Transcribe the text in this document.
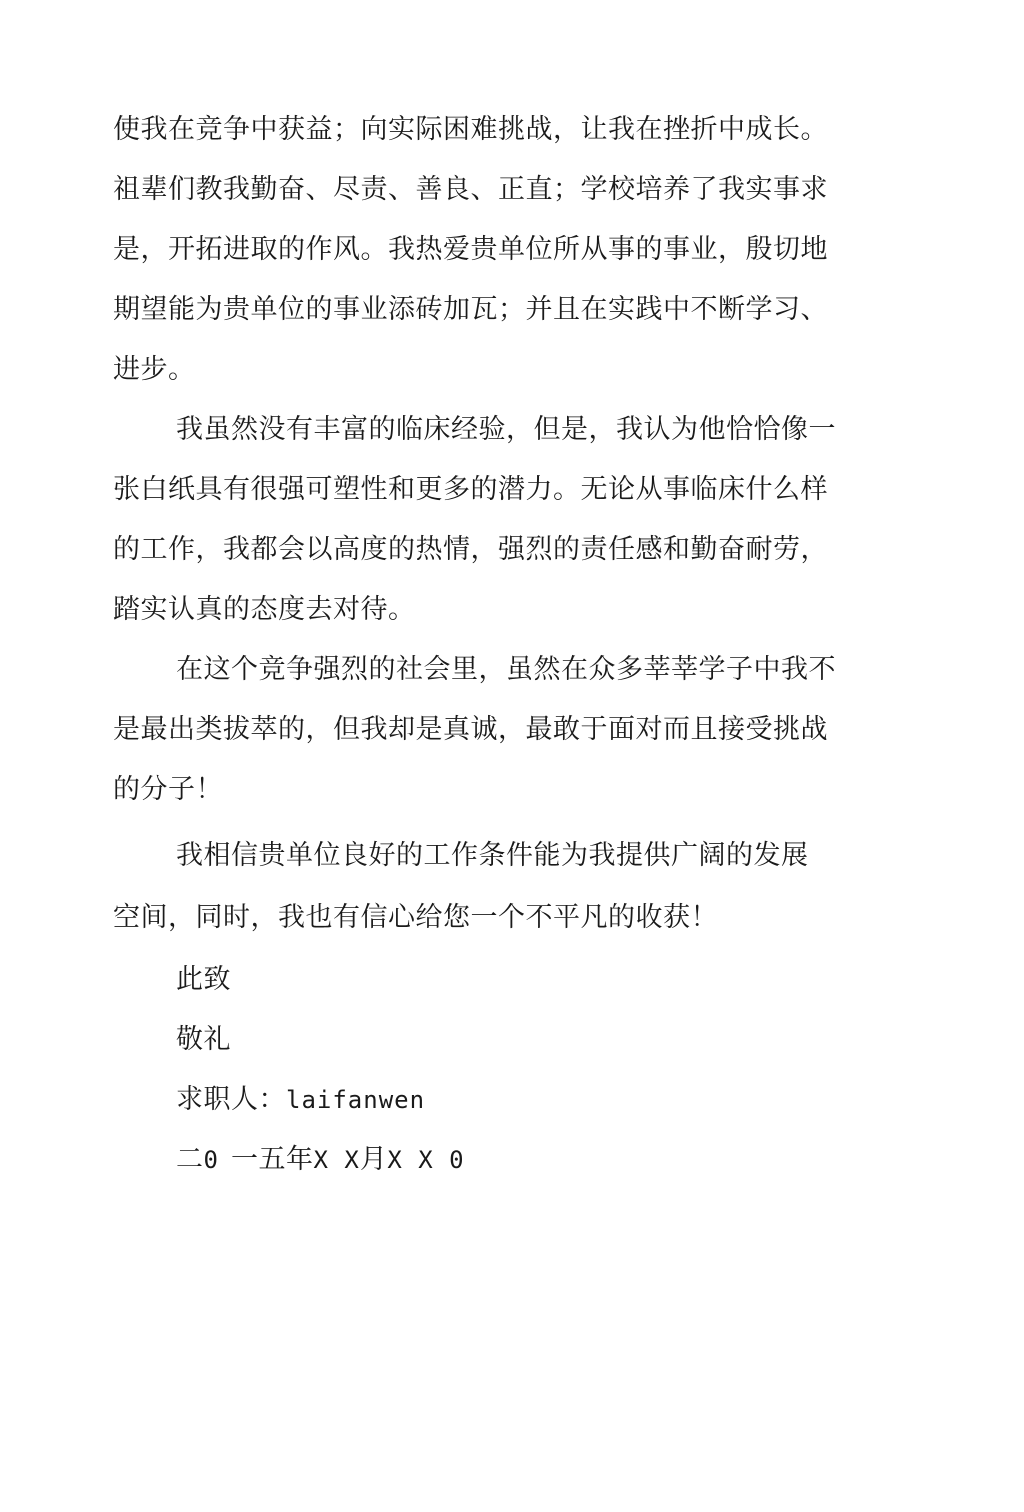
使我在竞争中获益；向实际困难挑战，让我在挫折中成长。
祖辈们教我勤奋、尽责、善良、正直；学校培养了我实事求
是，开拓进取的作风。我热爱贵单位所从事的事业，殷切地
期望能为贵单位的事业添砖加瓦；并且在实践中不断学习、
进步。
我虽然没有丰富的临床经验，但是，我认为他恰恰像一
张白纸具有很强可塑性和更多的潜力。无论从事临床什么样
的工作，我都会以高度的热情，强烈的责任感和勤奋耐劳，
踏实认真的态度去对待。
在这个竞争强烈的社会里，虽然在众多莘莘学子中我不
是最出类拔萃的，但我却是真诚，最敢于面对而且接受挑战
的分子！
我相信贵单位良好的工作条件能为我提供广阔的发展
空间，同时，我也有信心给您一个不平凡的收获！
此致
敬礼
求职人：laifanwen
二0 一五年X X月X X 0
